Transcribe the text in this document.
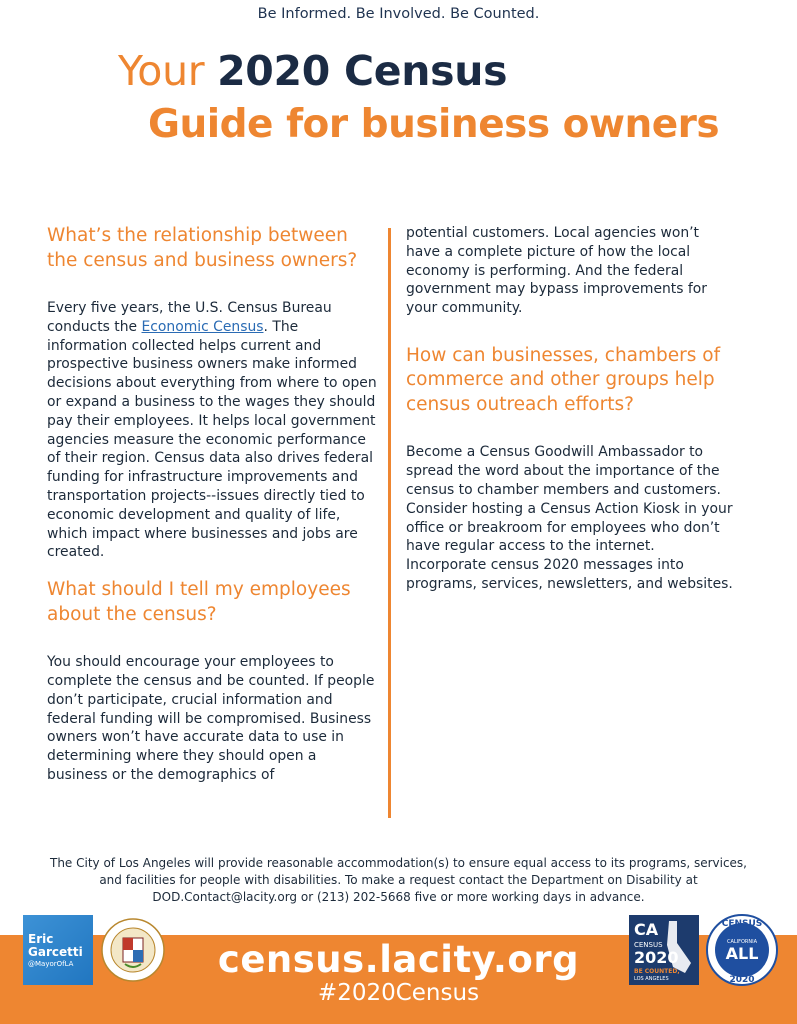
Be Informed. Be Involved. Be Counted.
Your 2020 Census
Guide for business owners
What’s the relationship between the census and business owners?

Every five years, the U.S. Census Bureau conducts the Economic Census. The information collected helps current and prospective business owners make informed decisions about everything from where to open or expand a business to the wages they should pay their employees. It helps local government agencies measure the economic performance of their region. Census data also drives federal funding for infrastructure improvements and transportation projects--issues directly tied to economic development and quality of life, which impact where businesses and jobs are created.

What should I tell my employees about the census?

You should encourage your employees to complete the census and be counted. If people don’t participate, crucial information and federal funding will be compromised. Business owners won’t have accurate data to use in determining where they should open a business or the demographics of

potential customers. Local agencies won’t have a complete picture of how the local economy is performing. And the federal government may bypass improvements for your community.

How can businesses, chambers of commerce and other groups help census outreach efforts?

Become a Census Goodwill Ambassador to spread the word about the importance of the census to chamber members and customers. Consider hosting a Census Action Kiosk in your office or breakroom for employees who don’t have regular access to the internet. Incorporate census 2020 messages into programs, services, newsletters, and websites.

The City of Los Angeles will provide reasonable accommodation(s) to ensure equal access to its programs, services, and facilities for people with disabilities. To make a request contact the Department on Disability at DOD.Contact@lacity.org or (213) 202-5668 five or more working days in advance.
Eric Garcetti
@MayorOfLA	census.lacity.org
#2020Census
CA
CENSUS
2020
BE COUNTED,
LOS ANGELES
CENSUS
CALIFORNIA
ALL
2020
